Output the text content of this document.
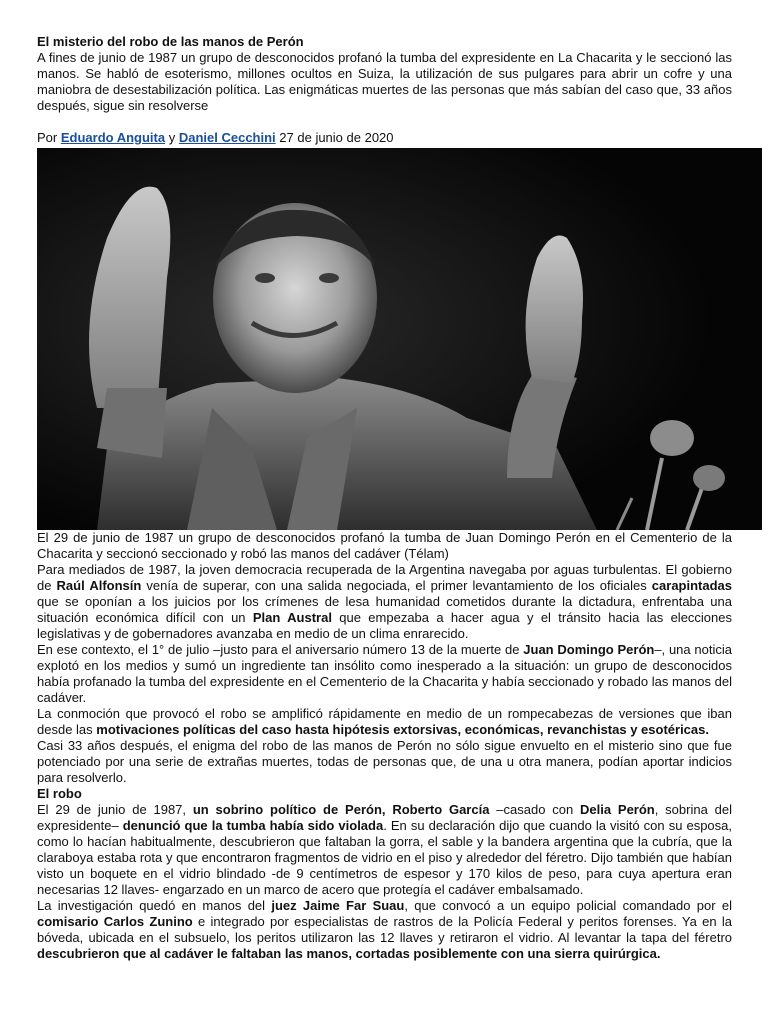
El misterio del robo de las manos de Perón
A fines de junio de 1987 un grupo de desconocidos profanó la tumba del expresidente en La Chacarita y le seccionó las manos. Se habló de esoterismo, millones ocultos en Suiza, la utilización de sus pulgares para abrir un cofre y una maniobra de desestabilización política. Las enigmáticas muertes de las personas que más sabían del caso que, 33 años después, sigue sin resolverse
Por Eduardo Anguita y Daniel Cecchini 27 de junio de 2020
El 29 de junio de 1987 un grupo de desconocidos profanó la tumba de Juan Domingo Perón en el Cementerio de la Chacarita y seccionó seccionado y robó las manos del cadáver (Télam)
Para mediados de 1987, la joven democracia recuperada de la Argentina navegaba por aguas turbulentas. El gobierno de Raúl Alfonsín venía de superar, con una salida negociada, el primer levantamiento de los oficiales carapintadas que se oponían a los juicios por los crímenes de lesa humanidad cometidos durante la dictadura, enfrentaba una situación económica difícil con un Plan Austral que empezaba a hacer agua y el tránsito hacia las elecciones legislativas y de gobernadores avanzaba en medio de un clima enrarecido.
En ese contexto, el 1° de julio –justo para el aniversario número 13 de la muerte de Juan Domingo Perón–, una noticia explotó en los medios y sumó un ingrediente tan insólito como inesperado a la situación: un grupo de desconocidos había profanado la tumba del expresidente en el Cementerio de la Chacarita y había seccionado y robado las manos del cadáver.
La conmoción que provocó el robo se amplificó rápidamente en medio de un rompecabezas de versiones que iban desde las motivaciones políticas del caso hasta hipótesis extorsivas, económicas, revanchistas y esotéricas.
Casi 33 años después, el enigma del robo de las manos de Perón no sólo sigue envuelto en el misterio sino que fue potenciado por una serie de extrañas muertes, todas de personas que, de una u otra manera, podían aportar indicios para resolverlo.
El robo
El 29 de junio de 1987, un sobrino político de Perón, Roberto García –casado con Delia Perón, sobrina del expresidente– denunció que la tumba había sido violada. En su declaración dijo que cuando la visitó con su esposa, como lo hacían habitualmente, descubrieron que faltaban la gorra, el sable y la bandera argentina que la cubría, que la claraboya estaba rota y que encontraron fragmentos de vidrio en el piso y alrededor del féretro. Dijo también que habían visto un boquete en el vidrio blindado -de 9 centímetros de espesor y 170 kilos de peso, para cuya apertura eran necesarias 12 llaves- engarzado en un marco de acero que protegía el cadáver embalsamado.
La investigación quedó en manos del juez Jaime Far Suau, que convocó a un equipo policial comandado por el comisario Carlos Zunino e integrado por especialistas de rastros de la Policía Federal y peritos forenses. Ya en la bóveda, ubicada en el subsuelo, los peritos utilizaron las 12 llaves y retiraron el vidrio. Al levantar la tapa del féretro descubrieron que al cadáver le faltaban las manos, cortadas posiblemente con una sierra quirúrgica.
